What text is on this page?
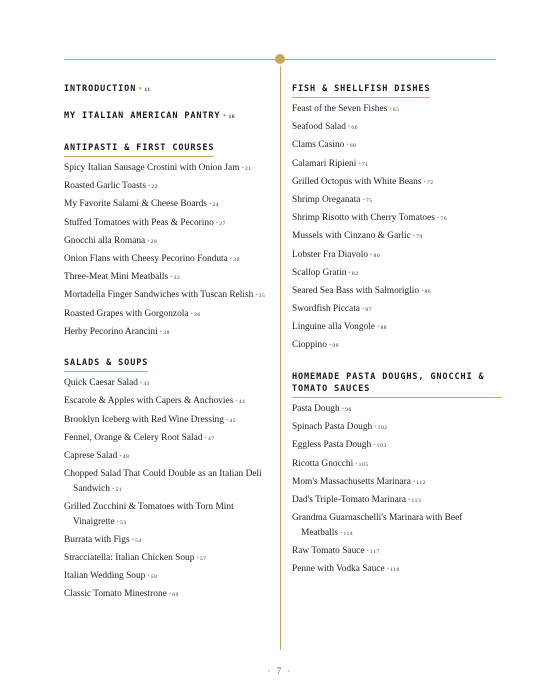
INTRODUCTION •11
MY ITALIAN AMERICAN PANTRY •16
ANTIPASTI & FIRST COURSES
Spicy Italian Sausage Crostini with Onion Jam •21
Roasted Garlic Toasts •22
My Favorite Salami & Cheese Boards •24
Stuffed Tomatoes with Peas & Pecorino •27
Gnocchi alla Romana •28
Onion Flans with Cheesy Pecorino Fonduta •30
Three-Meat Mini Meatballs •32
Mortadella Finger Sandwiches with Tuscan Relish •35
Roasted Grapes with Gorgonzola •36
Herby Pecorino Arancini •38
SALADS & SOUPS
Quick Caesar Salad •43
Escarole & Apples with Capers & Anchovies •44
Brooklyn Iceberg with Red Wine Dressing •45
Fennel, Orange & Celery Root Salad •47
Caprese Salad •48
Chopped Salad That Could Double as an Italian Deli Sandwich •51
Grilled Zucchini & Tomatoes with Torn Mint Vinaigrette •53
Burrata with Figs •54
Stracciatella: Italian Chicken Soup •57
Italian Wedding Soup •58
Classic Tomato Minestrone •60
FISH & SHELLFISH DISHES
Feast of the Seven Fishes •65
Seafood Salad •66
Clams Casino •68
Calamari Ripieni •71
Grilled Octopus with White Beans •72
Shrimp Oreganata •75
Shrimp Risotto with Cherry Tomatoes •76
Mussels with Cinzano & Garlic •79
Lobster Fra Diavolo •80
Scallop Gratin •82
Seared Sea Bass with Salmoriglio •86
Swordfish Piccata •87
Linguine alla Vongole •88
Cioppino •90
HOMEMADE PASTA DOUGHS, GNOCCHI & TOMATO SAUCES
Pasta Dough •96
Spinach Pasta Dough •102
Eggless Pasta Dough •103
Ricotta Gnocchi •105
Mom's Massachusetts Marinara •112
Dad's Triple-Tomato Marinara •113
Grandma Guarnaschelli's Marinara with Beef Meatballs •114
Raw Tomato Sauce •117
Penne with Vodka Sauce •118
· 7 ·
